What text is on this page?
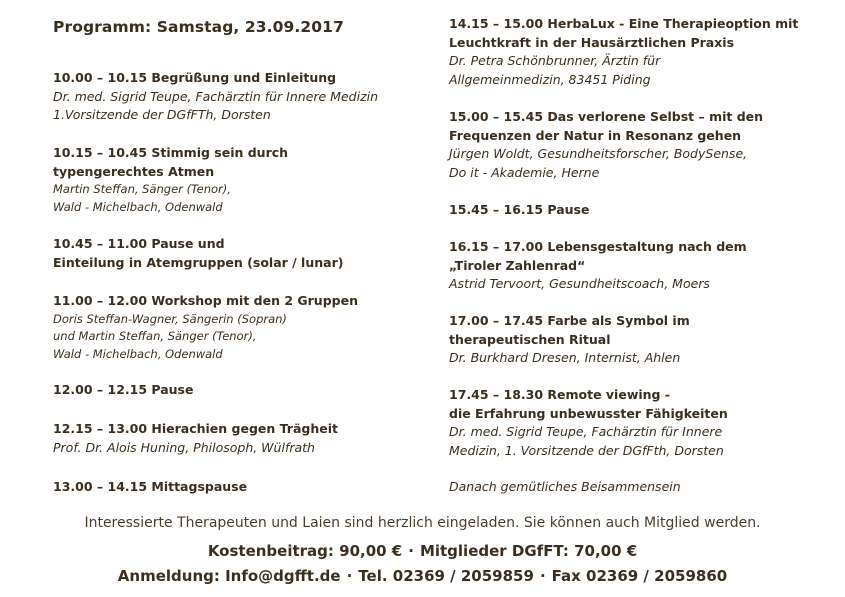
Programm: Samstag, 23.09.2017
10.00 – 10.15 Begrüßung und Einleitung
Dr. med. Sigrid Teupe, Fachärztin für Innere Medizin
1.Vorsitzende der DGfFTh, Dorsten
10.15 – 10.45 Stimmig sein durch
typengerechtes Atmen
Martin Steffan, Sänger (Tenor),
Wald - Michelbach, Odenwald
10.45 – 11.00 Pause und
Einteilung in Atemgruppen (solar / lunar)
11.00 – 12.00 Workshop mit den 2 Gruppen
Doris Steffan-Wagner, Sängerin (Sopran)
und Martin Steffan, Sänger (Tenor),
Wald - Michelbach, Odenwald
12.00 – 12.15 Pause
12.15 – 13.00 Hierachien gegen Trägheit
Prof. Dr. Alois Huning, Philosoph, Wülfrath
13.00 – 14.15 Mittagspause
14.15 – 15.00 HerbaLux - Eine Therapieoption mit
Leuchtkraft in der Hausärztlichen Praxis
Dr. Petra Schönbrunner, Ärztin für
Allgemeinmedizin, 83451 Piding
15.00 – 15.45 Das verlorene Selbst – mit den
Frequenzen der Natur in Resonanz gehen
Jürgen Woldt, Gesundheitsforscher, BodySense,
Do it - Akademie, Herne
15.45 – 16.15 Pause
16.15 – 17.00 Lebensgestaltung nach dem
„Tiroler Zahlenrad“
Astrid Tervoort, Gesundheitscoach, Moers
17.00 – 17.45 Farbe als Symbol im
therapeutischen Ritual
Dr. Burkhard Dresen, Internist, Ahlen
17.45 – 18.30 Remote viewing -
die Erfahrung unbewusster Fähigkeiten
Dr. med. Sigrid Teupe, Fachärztin für Innere
Medizin, 1. Vorsitzende der DGfFth, Dorsten
Danach gemütliches Beisammensein
Interessierte Therapeuten und Laien sind herzlich eingeladen. Sie können auch Mitglied werden.
Kostenbeitrag: 90,00 € · Mitglieder DGfFT: 70,00 €
Anmeldung: Info@dgfft.de · Tel. 02369 / 2059859 · Fax 02369 / 2059860
